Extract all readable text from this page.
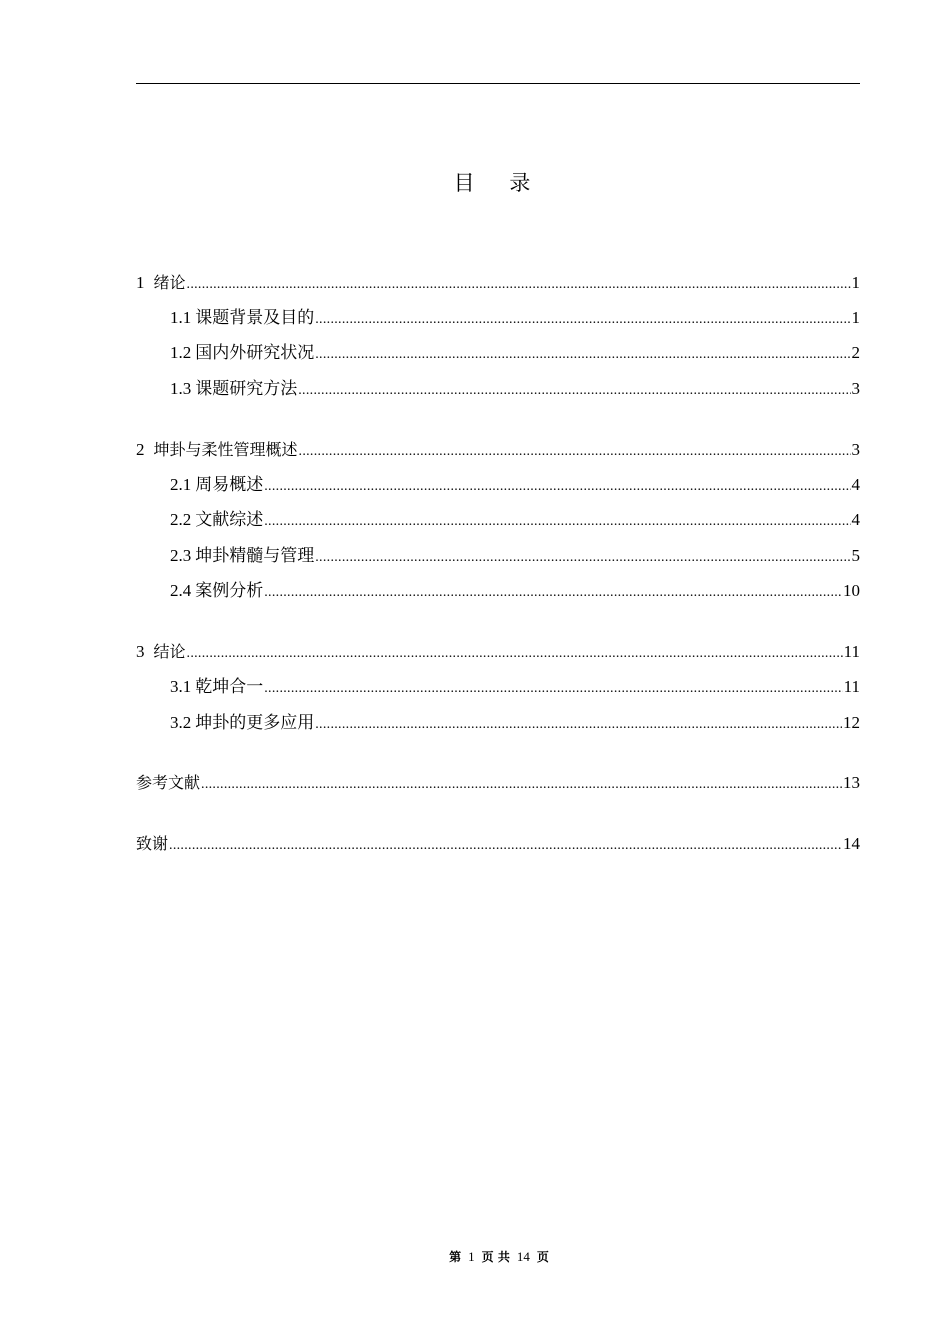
目 录
1 绪论 .....	1
1.1 课题背景及目的 .....	1
1.2 国内外研究状况 .....	2
1.3 课题研究方法 .....	3
2 坤卦与柔性管理概述 .....	3
2.1 周易概述 .....	4
2.2 文献综述 .....	4
2.3 坤卦精髓与管理 .....	5
2.4 案例分析 .....	10
3 结论 .....	11
3.1 乾坤合一 .....	11
3.2 坤卦的更多应用 .....	12
参考文献 .....	13
致谢 .....	14
第 1 页 共 14 页
